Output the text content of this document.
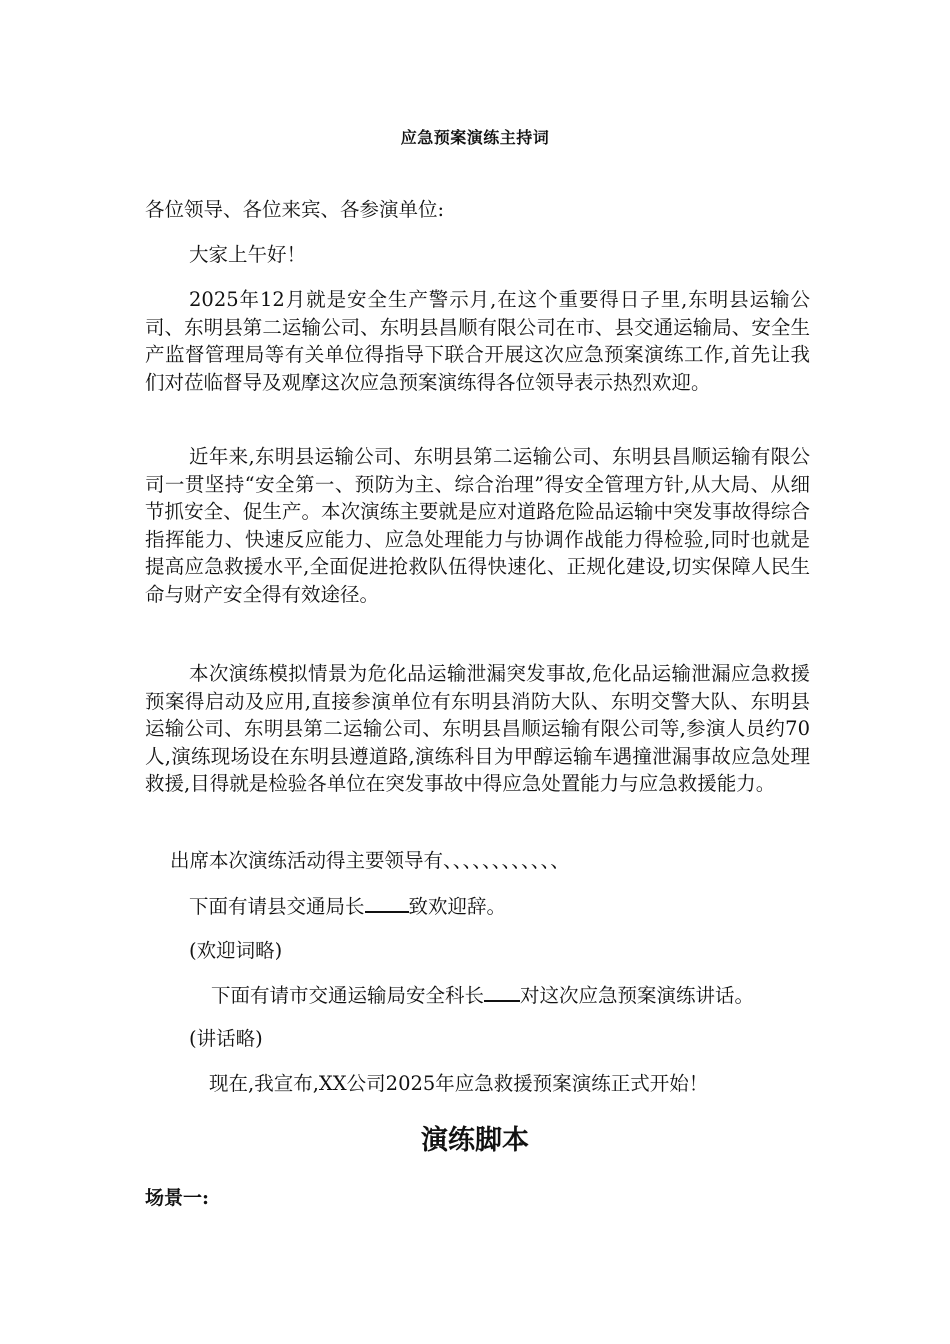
应急预案演练主持词
各位领导、各位来宾、各参演单位:
大家上午好！
2025年12月就是安全生产警示月,在这个重要得日子里,东明县运输公司、东明县第二运输公司、东明县昌顺有限公司在市、县交通运输局、安全生产监督管理局等有关单位得指导下联合开展这次应急预案演练工作,首先让我们对莅临督导及观摩这次应急预案演练得各位领导表示热烈欢迎。
近年来,东明县运输公司、东明县第二运输公司、东明县昌顺运输有限公司一贯坚持“安全第一、预防为主、综合治理”得安全管理方针,从大局、从细节抓安全、促生产。本次演练主要就是应对道路危险品运输中突发事故得综合指挥能力、快速反应能力、应急处理能力与协调作战能力得检验,同时也就是提高应急救援水平,全面促进抢救队伍得快速化、正规化建设,切实保障人民生命与财产安全得有效途径。
本次演练模拟情景为危化品运输泄漏突发事故,危化品运输泄漏应急救援预案得启动及应用,直接参演单位有东明县消防大队、东明交警大队、东明县运输公司、东明县第二运输公司、东明县昌顺运输有限公司等,参演人员约70人,演练现场设在东明县遵道路,演练科目为甲醇运输车遇撞泄漏事故应急处理救援,目得就是检验各单位在突发事故中得应急处置能力与应急救援能力。
出席本次演练活动得主要领导有、、、、、、、、、、、、
下面有请县交通局长 致欢迎辞。
(欢迎词略)
下面有请市交通运输局安全科长 对这次应急预案演练讲话。
(讲话略)
现在,我宣布,XX公司2025年应急救援预案演练正式开始！
演练脚本
场景一:
